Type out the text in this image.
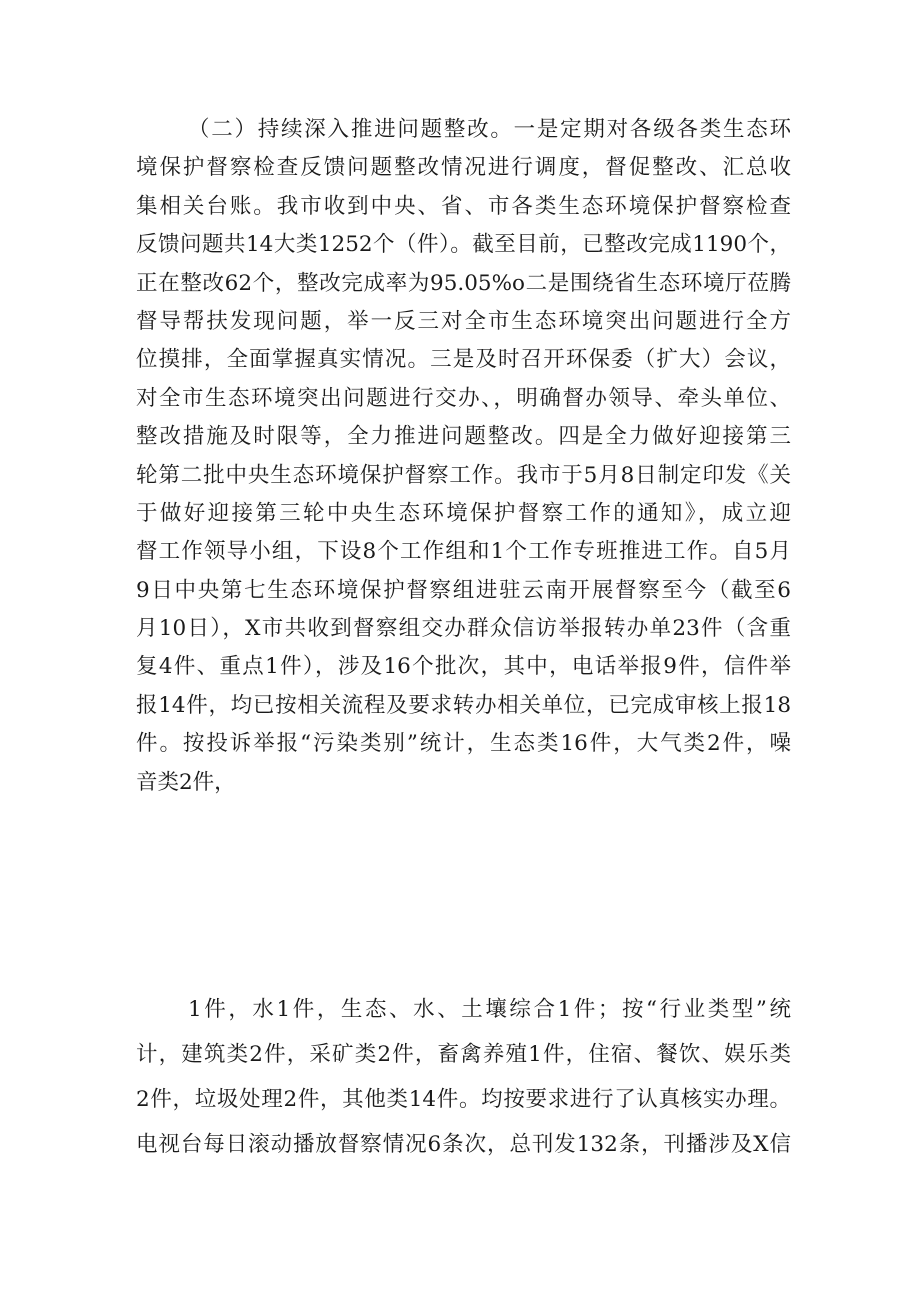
（二）持续深入推进问题整改。一是定期对各级各类生态环
境保护督察检查反馈问题整改情况进行调度，督促整改、汇总收
集相关台账。我市收到中央、省、市各类生态环境保护督察检查
反馈问题共14大类1252个（件）。截至目前，已整改完成1190个，
正在整改62个，整改完成率为95.05%o二是围绕省生态环境厅莅腾
督导帮扶发现问题，举一反三对全市生态环境突出问题进行全方
位摸排，全面掌握真实情况。三是及时召开环保委（扩大）会议，
对全市生态环境突出问题进行交办、，明确督办领导、牵头单位、
整改措施及时限等，全力推进问题整改。四是全力做好迎接第三
轮第二批中央生态环境保护督察工作。我市于5月8日制定印发《关
于做好迎接第三轮中央生态环境保护督察工作的通知》，成立迎
督工作领导小组，下设8个工作组和1个工作专班推进工作。自5月
9日中央第七生态环境保护督察组进驻云南开展督察至今（截至6
月10日），X市共收到督察组交办群众信访举报转办单23件（含重
复4件、重点1件），涉及16个批次，其中，电话举报9件，信件举
报14件，均已按相关流程及要求转办相关单位，已完成审核上报18
件。按投诉举报“污染类别”统计，生态类16件，大气类2件，噪
音类2件，
1件，水1件，生态、水、土壤综合1件；按“行业类型”统
计，建筑类2件，采矿类2件，畜禽养殖1件，住宿、餐饮、娱乐类
2件，垃圾处理2件，其他类14件。均按要求进行了认真核实办理。
电视台每日滚动播放督察情况6条次，总刊发132条，刊播涉及X信
